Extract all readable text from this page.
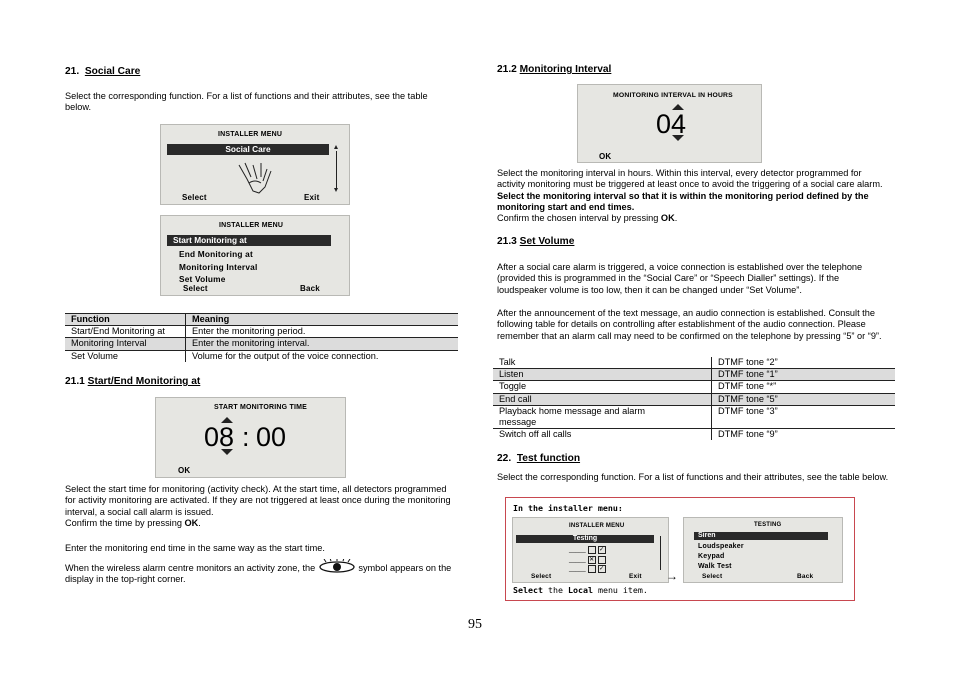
21. Social Care

Select the corresponding function. For a list of functions and their attributes, see the table below.

INSTALLER MENU
Social Care
Select	Exit
INSTALLER MENU
Start Monitoring at
End Monitoring at
Monitoring Interval
Set Volume
Select	Back
Function	Meaning
Start/End Monitoring at	Enter the monitoring period.
Monitoring Interval	Enter the monitoring interval.
Set Volume	Volume for the output of the voice connection.
21.1 Start/End Monitoring at
START MONITORING TIME
08 : 00
OK

Select the start time for monitoring (activity check). At the start time, all detectors programmed for activity monitoring are activated. If they are not triggered at least once during the monitoring interval, a social call alarm is issued.

Confirm the time by pressing OK.

Enter the monitoring end time in the same way as the start time.

When the wireless alarm centre monitors an activity zone, the	symbol appears on the display in the top-right corner.

21.2 Monitoring Interval
MONITORING INTERVAL IN HOURS
04
OK

Select the monitoring interval in hours. Within this interval, every detector programmed for activity monitoring must be triggered at least once to avoid the triggering of a social care alarm. Select the monitoring interval so that it is within the monitoring period defined by the monitoring start and end times.

Confirm the chosen interval by pressing OK.

21.3 Set Volume

After a social care alarm is triggered, a voice connection is established over the telephone (provided this is programmed in the “Social Care” or “Speech Dialler” settings). If the loudspeaker volume is too low, then it can be changed under “Set Volume”.

After the announcement of the text message, an audio connection is established. Consult the following table for details on controlling after establishment of the audio connection. Please remember that an alarm call may need to be confirmed on the telephone by pressing “5” or “9”.

Talk	DTMF tone “2”
Listen	DTMF tone “1”
Toggle	DTMF tone “*”
End call	DTMF tone “5”
Playback home message and alarm message	DTMF tone “3”
Switch off all calls	DTMF tone “9”
22. Test function

Select the corresponding function. For a list of functions and their attributes, see the table below.

In the installer menu:
INSTALLER MENU
Testing
_____ ✓
_____ ✕
_____ ✓
Select	Exit →
TESTING
Siren
Loudspeaker
Keypad
Walk Test
Select	Back
Select the Local menu item.
95
